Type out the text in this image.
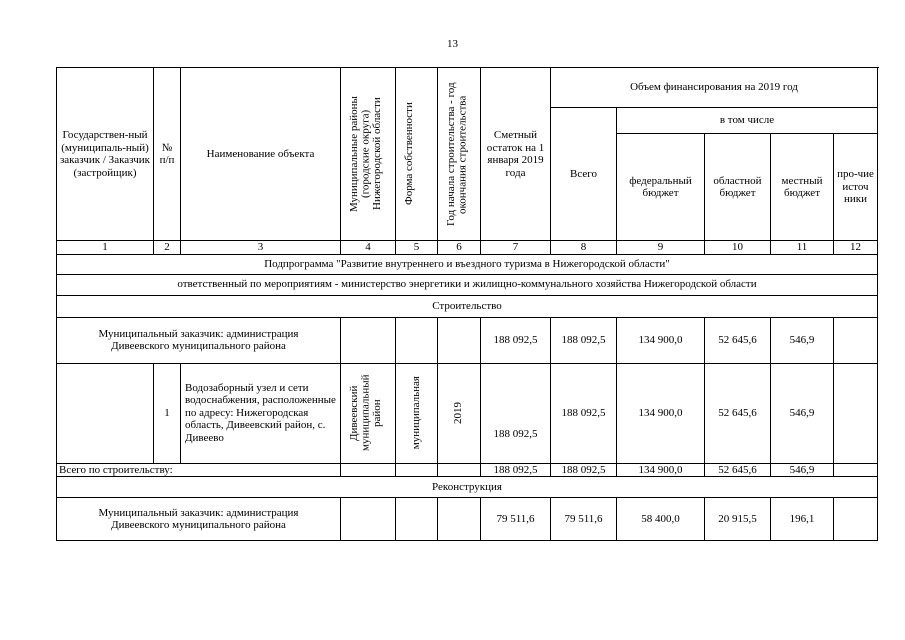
13
Государствен-ный (муниципаль-ный) заказчик / Заказчик (застройщик)	№ п/п	Наименование объекта	Муниципальные районы (городские округа) Нижегородской области	Форма собственности	Год начала строительства - год окончания строительства	Сметный остаток на 1 января 2019 года	Объем финансирования на 2019 год				
							Всего	в том числе			
								федеральный бюджет	областной бюджет	местный бюджет	про-чие источ ники
1	2	3	4	5	6	7	8	9	10	11	12
Подпрограмма "Развитие внутреннего и въездного туризма в Нижегородской области"											
ответственный по мероприятиям - министерство энергетики и жилищно-коммунального хозяйства Нижегородской области											
Строительство											
Муниципальный заказчик: администрация Дивеевского муниципального района						188 092,5	188 092,5	134 900,0	52 645,6	546,9	
	1	Водозаборный узел и сети водоснабжения, расположенные по адресу: Нижегородская область, Дивеевский район, с. Дивеево	Дивеевский муниципальный район	муниципальная	2019	188 092,5	188 092,5	134 900,0	52 645,6	546,9	
Всего по строительству:						188 092,5	188 092,5	134 900,0	52 645,6	546,9	
Реконструкция											
Муниципальный заказчик: администрация Дивеевского муниципального района						79 511,6	79 511,6	58 400,0	20 915,5	196,1	
